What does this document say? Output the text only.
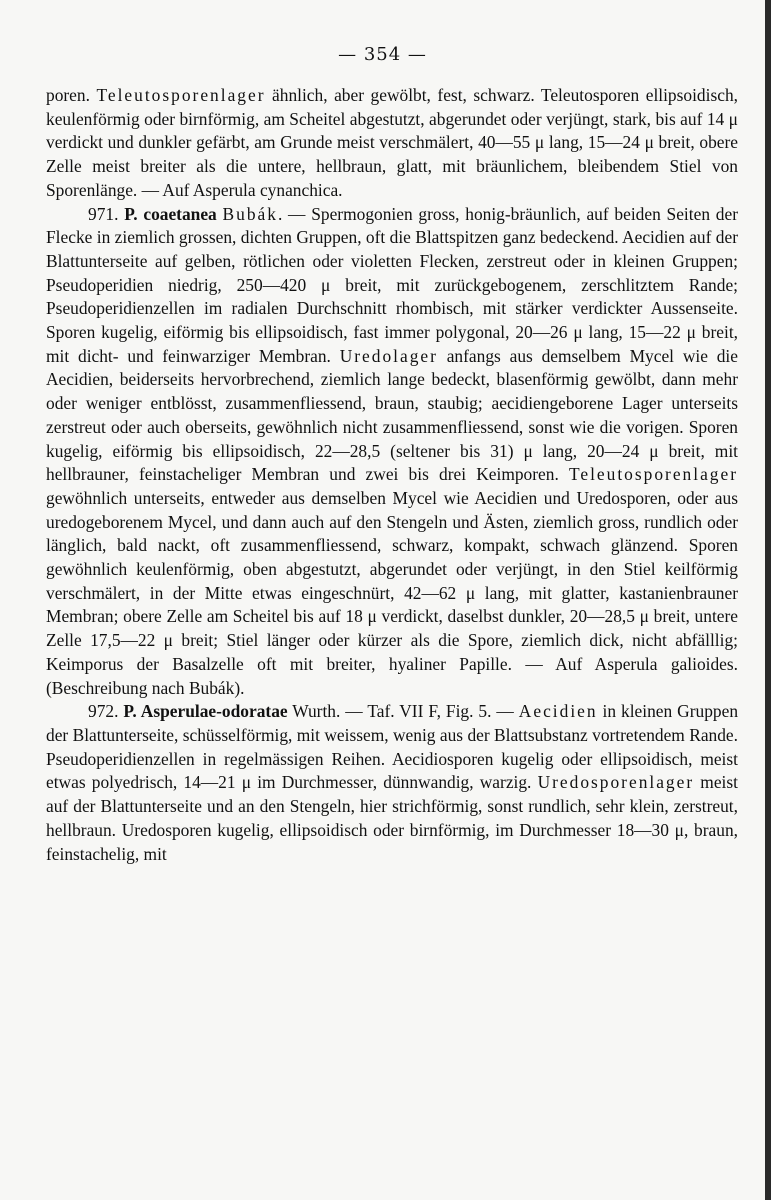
— 354 —

poren. Teleutosporenlager ähnlich, aber gewölbt, fest, schwarz. Teleutosporen ellipsoidisch, keulenförmig oder birnförmig, am Scheitel abgestutzt, abgerundet oder verjüngt, stark, bis auf 14 μ verdickt und dunkler gefärbt, am Grunde meist verschmälert, 40—55 μ lang, 15—24 μ breit, obere Zelle meist breiter als die untere, hellbraun, glatt, mit bräunlichem, bleibendem Stiel von Sporenlänge. — Auf Asperula cynanchica.

971. P. coaetanea Bubák. — Spermogonien gross, honig-bräunlich, auf beiden Seiten der Flecke in ziemlich grossen, dichten Gruppen, oft die Blattspitzen ganz bedeckend. Aecidien auf der Blattunterseite auf gelben, rötlichen oder violetten Flecken, zerstreut oder in kleinen Gruppen; Pseudoperidien niedrig, 250—420 μ breit, mit zurückgebogenem, zerschlitztem Rande; Pseudoperidienzellen im radialen Durchschnitt rhombisch, mit stärker verdickter Aussenseite. Sporen kugelig, eiförmig bis ellipsoidisch, fast immer polygonal, 20—26 μ lang, 15—22 μ breit, mit dicht- und feinwarziger Membran. Uredolager anfangs aus demselbem Mycel wie die Aecidien, beiderseits hervorbrechend, ziemlich lange bedeckt, blasenförmig gewölbt, dann mehr oder weniger entblösst, zusammenfliessend, braun, staubig; aecidiengeborene Lager unterseits zerstreut oder auch oberseits, gewöhnlich nicht zusammenfliessend, sonst wie die vorigen. Sporen kugelig, eiförmig bis ellipsoidisch, 22—28,5 (seltener bis 31) μ lang, 20—24 μ breit, mit hellbrauner, feinstacheliger Membran und zwei bis drei Keimporen. Teleutosporenlager gewöhnlich unterseits, entweder aus demselben Mycel wie Aecidien und Uredosporen, oder aus uredogeborenem Mycel, und dann auch auf den Stengeln und Ästen, ziemlich gross, rundlich oder länglich, bald nackt, oft zusammenfliessend, schwarz, kompakt, schwach glänzend. Sporen gewöhnlich keulenförmig, oben abgestutzt, abgerundet oder verjüngt, in den Stiel keilförmig verschmälert, in der Mitte etwas eingeschnürt, 42—62 μ lang, mit glatter, kastanienbrauner Membran; obere Zelle am Scheitel bis auf 18 μ verdickt, daselbst dunkler, 20—28,5 μ breit, untere Zelle 17,5—22 μ breit; Stiel länger oder kürzer als die Spore, ziemlich dick, nicht abfälllig; Keimporus der Basalzelle oft mit breiter, hyaliner Papille. — Auf Asperula galioides. (Beschreibung nach Bubák).

972. P. Asperulae-odoratae Wurth. — Taf. VII F, Fig. 5. — Aecidien in kleinen Gruppen der Blattunterseite, schüsselförmig, mit weissem, wenig aus der Blattsubstanz vortretendem Rande. Pseudoperidienzellen in regelmässigen Reihen. Aecidiosporen kugelig oder ellipsoidisch, meist etwas polyedrisch, 14—21 μ im Durchmesser, dünnwandig, warzig. Uredosporenlager meist auf der Blattunterseite und an den Stengeln, hier strichförmig, sonst rundlich, sehr klein, zerstreut, hellbraun. Uredosporen kugelig, ellipsoidisch oder birnförmig, im Durchmesser 18—30 μ, braun, feinstachelig, mit
